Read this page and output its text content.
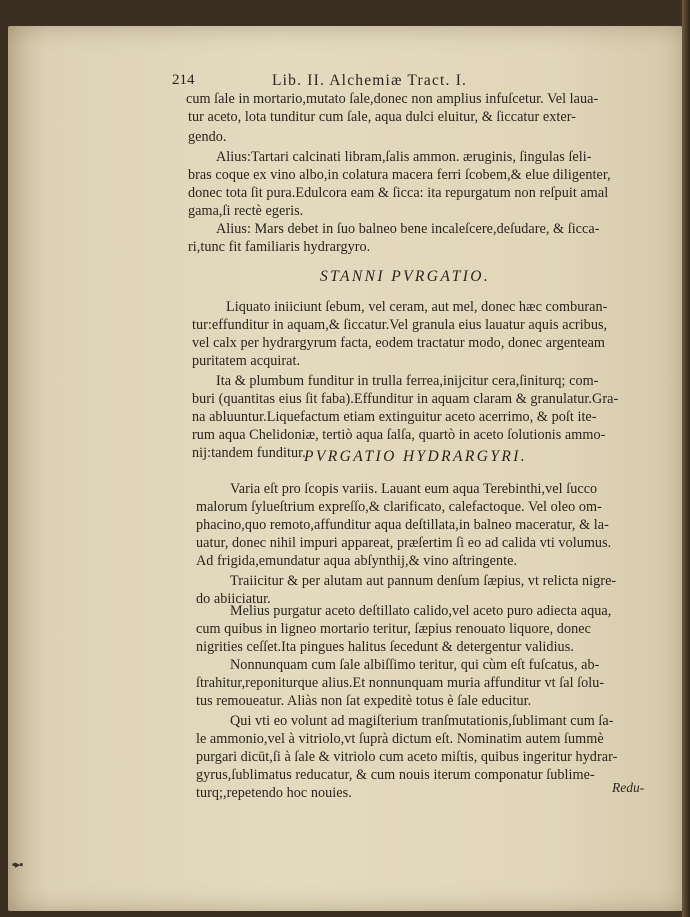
214	Lib. II. Alchemiæ Tract. I.
cum ſale in mortario,mutato ſale,donec non amplius infuſcetur. Vel laua-
tur aceto, lota tunditur cum ſale, aqua dulci eluitur, & ſiccatur exter-
gendo.
Alius:Tartari calcinati libram,ſalis ammon. æruginis, ſingulas ſeli-
bras coque ex vino albo,in colatura macera ferri ſcobem,& elue diligenter,
donec tota ſit pura.Edulcora eam & ſicca: ita repurgatum non reſpuit amal
gama,ſi rectè egeris.
Alius: Mars debet in ſuo balneo bene incaleſcere,deſudare, & ſicca-
ri,tunc fit familiaris hydrargyro.
STANNI PVRGATIO.
Liquato iniiciunt ſebum, vel ceram, aut mel, donec hæc comburan-
tur:effunditur in aquam,& ſiccatur.Vel granula eius lauatur aquis acribus,
vel calx per hydrargyrum facta, eodem tractatur modo, donec argenteam
puritatem acquirat.
Ita & plumbum funditur in trulla ferrea,inijcitur cera,ſiniturq; com-
buri (quantitas eius ſit faba).Effunditur in aquam claram & granulatur.Gra-
na abluuntur.Liquefactum etiam extinguitur aceto acerrimo, & poſt ite-
rum aqua Chelidoniæ, tertiò aqua ſalſa, quartò in aceto ſolutionis ammo-
nij:tandem funditur.
PVRGATIO HYDRARGYRI.
Varia eſt pro ſcopis variis. Lauant eum aqua Terebinthi,vel ſucco
malorum ſylueſtrium expreſſo,& clarificato, calefactoque. Vel oleo om-
phacino,quo remoto,affunditur aqua deſtillata,in balneo maceratur, & la-
uatur, donec nihil impuri appareat, præſertim ſi eo ad calida vti volumus.
Ad frigida,emundatur aqua abſynthij,& vino aſtringente.
Traiicitur & per alutam aut pannum denſum ſæpius, vt relicta nigre-
do abiiciatur.
Melius purgatur aceto deſtillato calido,vel aceto puro adiecta aqua,
cum quibus in ligneo mortario teritur, ſæpius renouato liquore, donec
nigrities ceſſet.Ita pingues halitus ſecedunt & detergentur validius.
Nonnunquam cum ſale albiſſimo teritur, qui cùm eſt fuſcatus, ab-
ſtrahitur,reponiturque alius.Et nonnunquam muria affunditur vt ſal ſolu-
tus remoueatur. Aliàs non ſat expeditè totus è ſale educitur.
Qui vti eo volunt ad magiſterium tranſmutationis,ſublimant cum ſa-
le ammonio,vel à vitriolo,vt ſuprà dictum eſt. Nominatim autem ſummè
purgari dicūt,ſi à ſale & vitriolo cum aceto miſtis, quibus ingeritur hydrar-
gyrus,ſublimatus reducatur, & cum nouis iterum componatur ſublime-
turq;,repetendo hoc nouies.	Redu-
▪▸▪
